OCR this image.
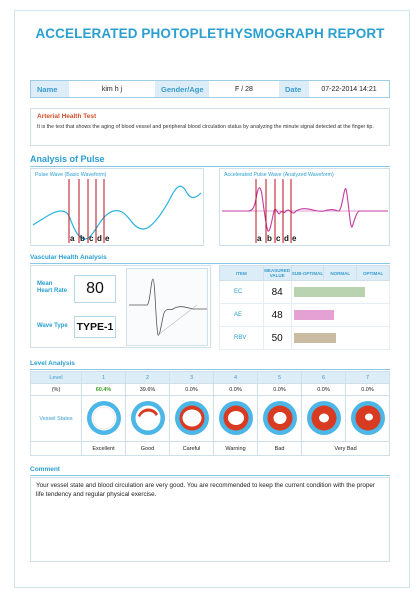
ACCELERATED PHOTOPLETHYSMOGRAPH REPORT
Name	kim h j	Gender/Age	F / 28	Date	07-22-2014 14:21
Arterial Health Test

It is the test that shows the aging of blood vessel and peripheral blood circulation status by analyzing the minute signal detected at the finger tip.

Analysis of Pulse
a b c d e
Pulse Wave (Basic Waveform)
a b c d e
Accelerated Pulse Wave (Analyzed Waveform)
Vascular Health Analysis
Mean Heart Rate	80
Wave Type TYPE-1
ITEM	MEASURED VALUE	SUB-OPTIMAL	NORMAL	OPTIMAL
EC	84			

AE	48			

RBV	50			
Level Analysis
Level	1	2	3	4	5	6	7
(%)	60.4%	39.6%	0.0%	0.0%	0.0%	0.0%	0.0%
Vessel States							
	Excellent	Good	Careful	Warning	Bad	Very Bad	
Comment
Your vessel state and blood circulation are very good. You are recommended to keep the current condition with the proper life tendency and regular physical exercise.
